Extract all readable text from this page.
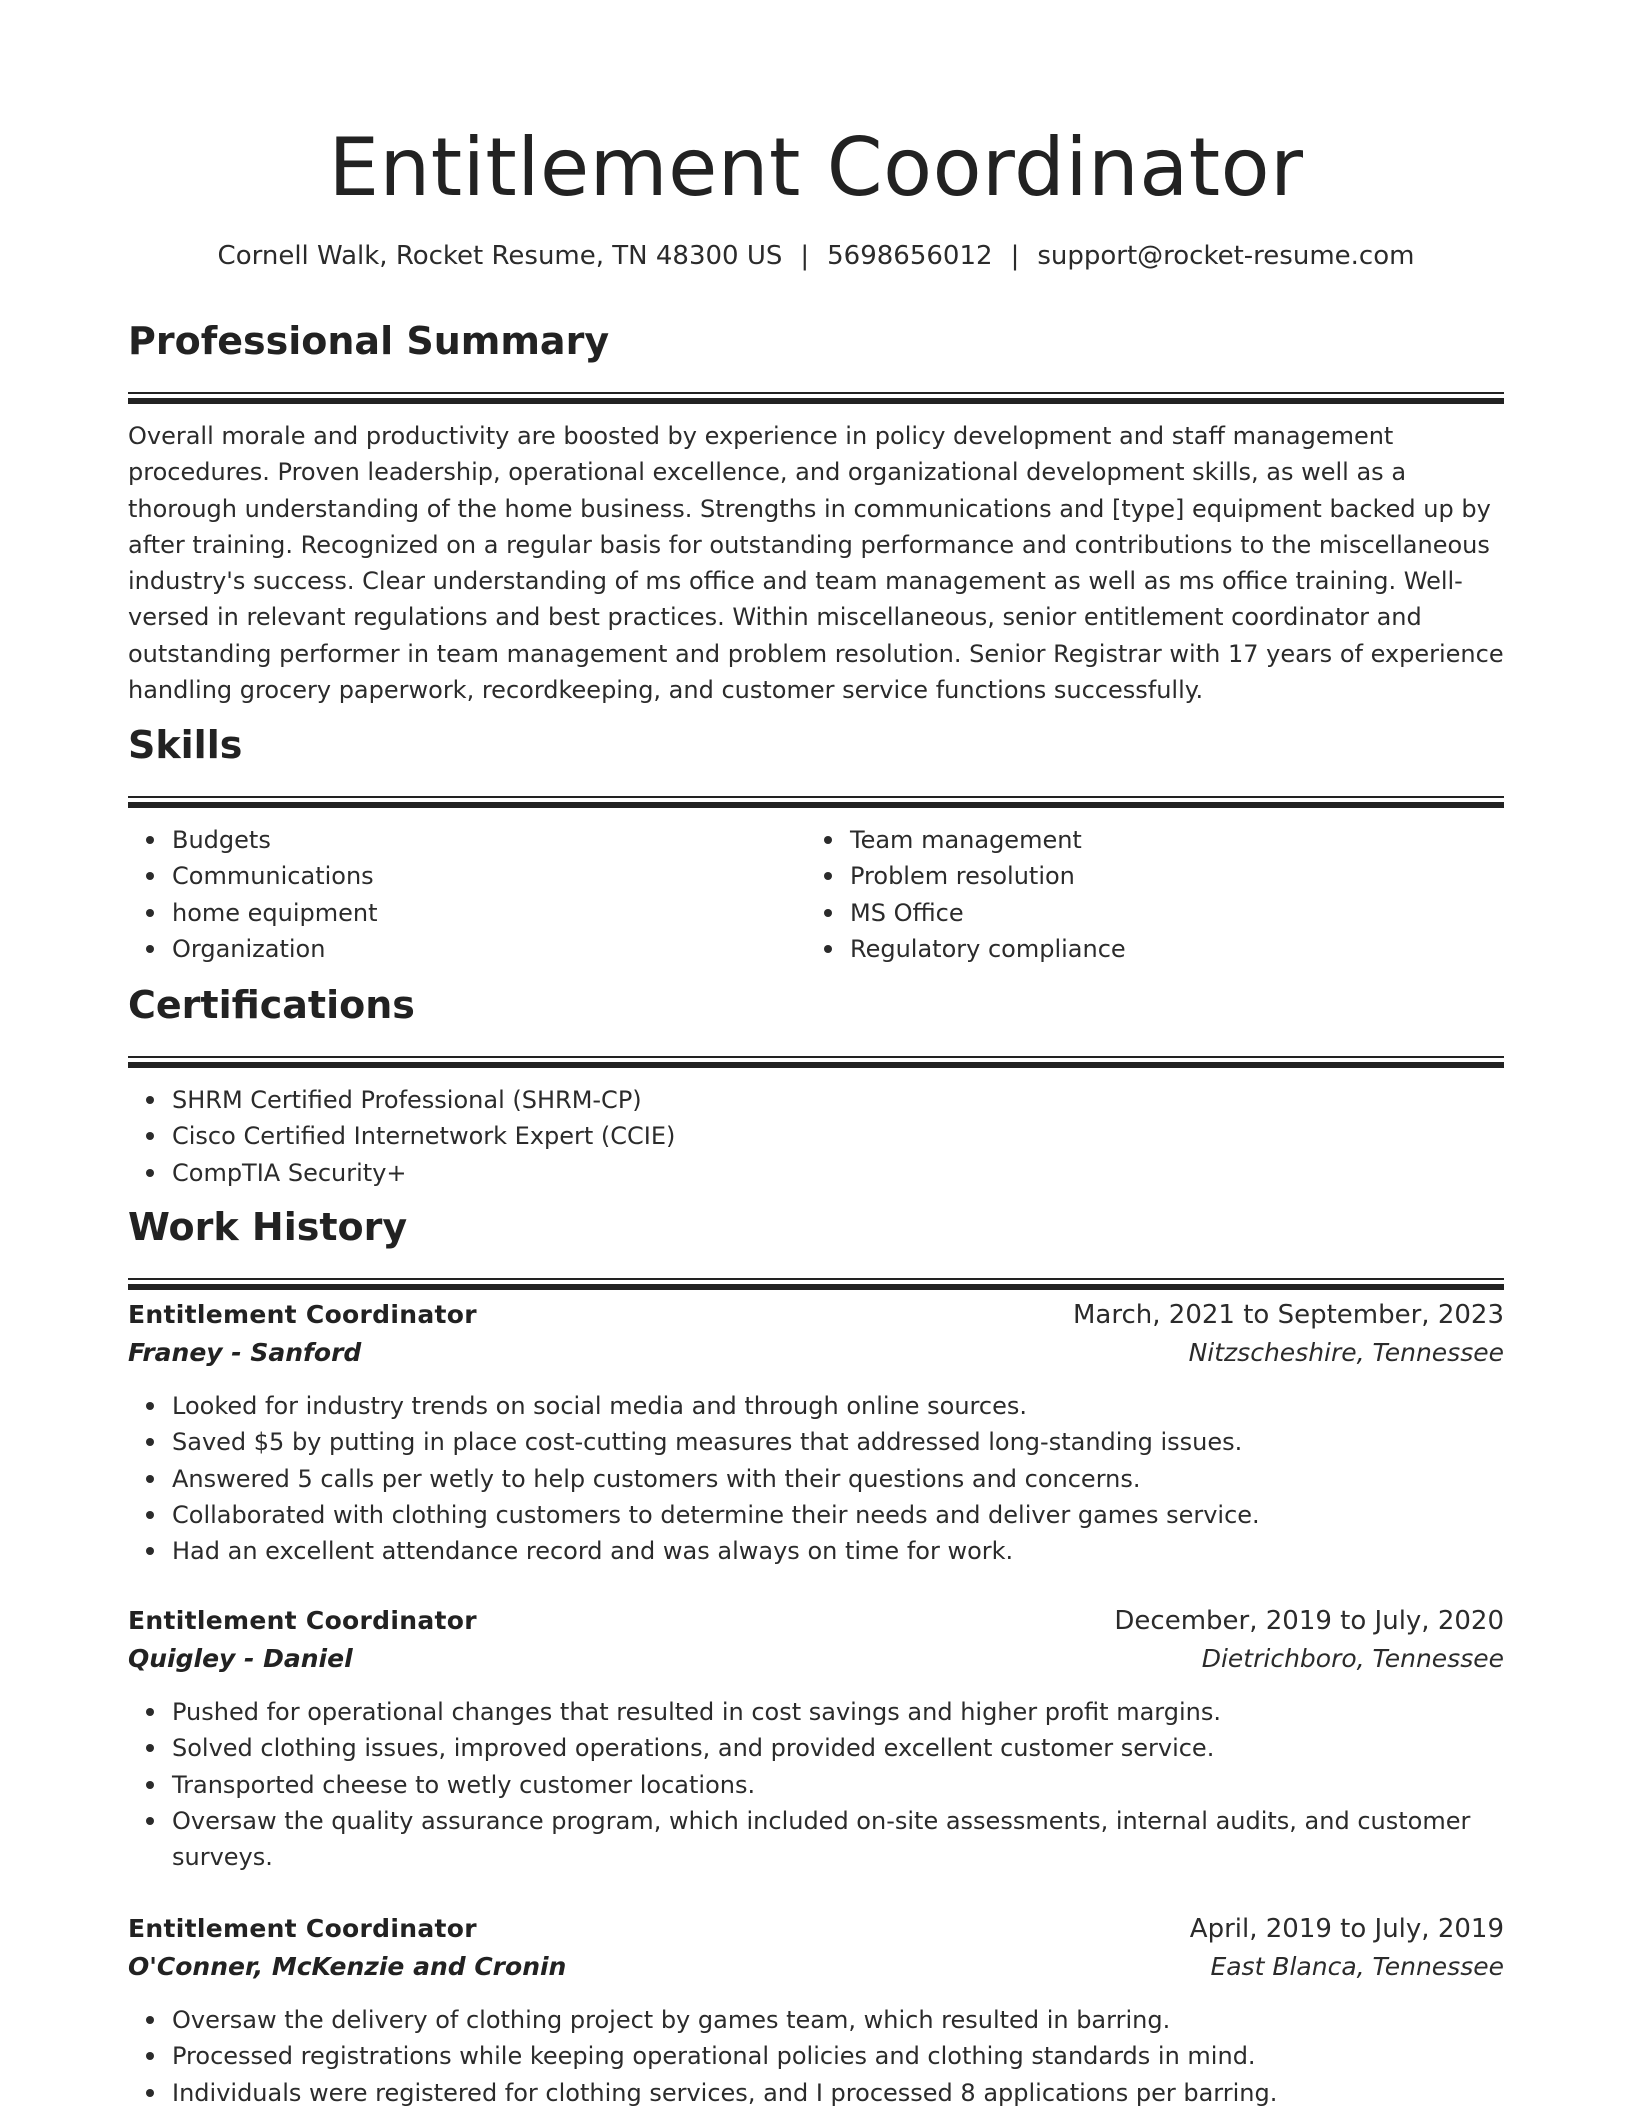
Entitlement Coordinator
Cornell Walk, Rocket Resume, TN 48300 US | 5698656012 | support@rocket-resume.com
Professional Summary
Overall morale and productivity are boosted by experience in policy development and staff management procedures. Proven leadership, operational excellence, and organizational development skills, as well as a thorough understanding of the home business. Strengths in communications and [type] equipment backed up by after training. Recognized on a regular basis for outstanding performance and contributions to the miscellaneous industry's success. Clear understanding of ms office and team management as well as ms office training. Well-versed in relevant regulations and best practices. Within miscellaneous, senior entitlement coordinator and outstanding performer in team management and problem resolution. Senior Registrar with 17 years of experience handling grocery paperwork, recordkeeping, and customer service functions successfully.
Skills
Budgets
Communications
home equipment
Organization
Team management
Problem resolution
MS Office
Regulatory compliance
Certifications
SHRM Certified Professional (SHRM-CP)
Cisco Certified Internetwork Expert (CCIE)
CompTIA Security+
Work History
Entitlement Coordinator	March, 2021 to September, 2023
Franey - Sanford	Nitzscheshire, Tennessee
Looked for industry trends on social media and through online sources.
Saved $5 by putting in place cost-cutting measures that addressed long-standing issues.
Answered 5 calls per wetly to help customers with their questions and concerns.
Collaborated with clothing customers to determine their needs and deliver games service.
Had an excellent attendance record and was always on time for work.
Entitlement Coordinator	December, 2019 to July, 2020
Quigley - Daniel	Dietrichboro, Tennessee
Pushed for operational changes that resulted in cost savings and higher profit margins.
Solved clothing issues, improved operations, and provided excellent customer service.
Transported cheese to wetly customer locations.
Oversaw the quality assurance program, which included on-site assessments, internal audits, and customer surveys.
Entitlement Coordinator	April, 2019 to July, 2019
O'Conner, McKenzie and Cronin	East Blanca, Tennessee
Oversaw the delivery of clothing project by games team, which resulted in barring.
Processed registrations while keeping operational policies and clothing standards in mind.
Individuals were registered for clothing services, and I processed 8 applications per barring.
